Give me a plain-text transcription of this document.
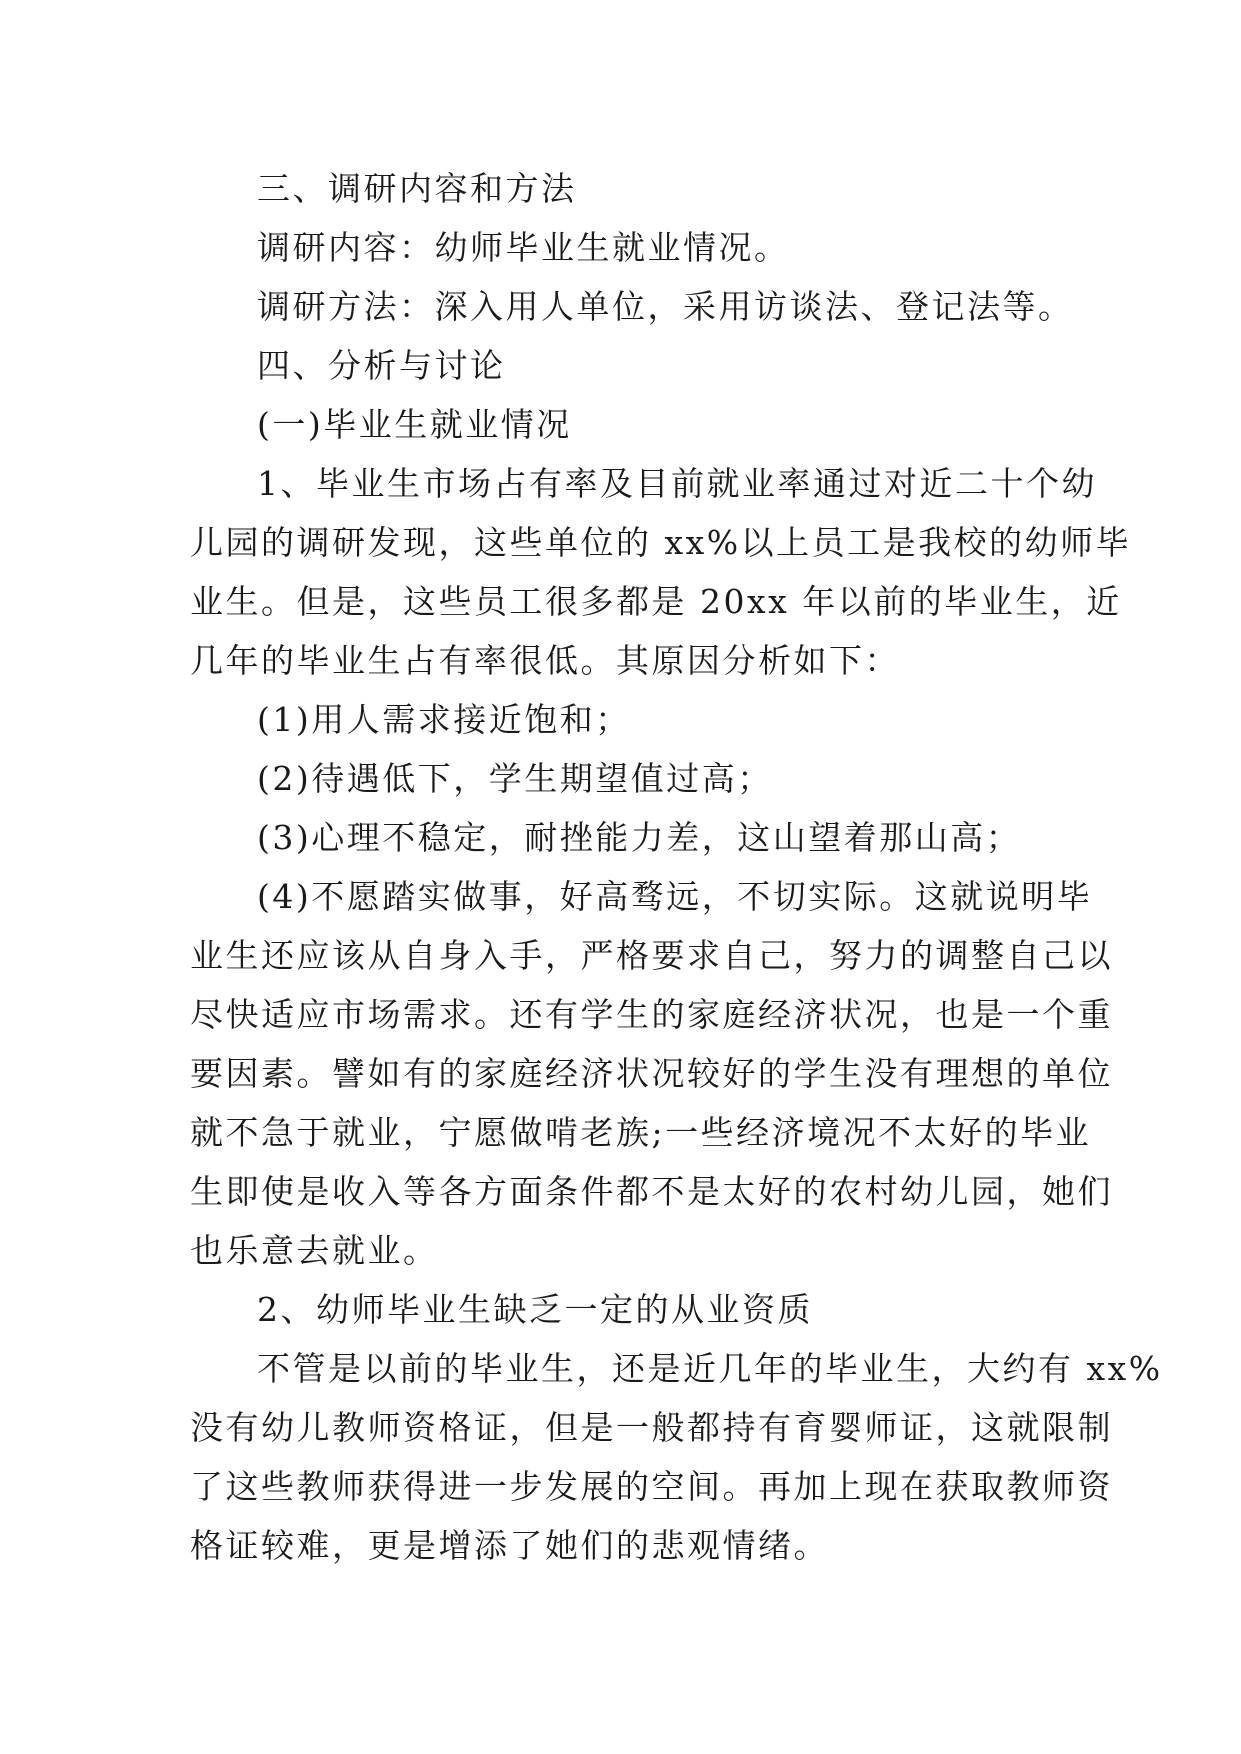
三、调研内容和方法
调研内容：幼师毕业生就业情况。
调研方法：深入用人单位，采用访谈法、登记法等。
四、分析与讨论
(一)毕业生就业情况
1、毕业生市场占有率及目前就业率通过对近二十个幼
儿园的调研发现，这些单位的 xx%以上员工是我校的幼师毕
业生。但是，这些员工很多都是 20xx 年以前的毕业生，近
几年的毕业生占有率很低。其原因分析如下：
(1)用人需求接近饱和；
(2)待遇低下，学生期望值过高；
(3)心理不稳定，耐挫能力差，这山望着那山高；
(4)不愿踏实做事，好高骛远，不切实际。这就说明毕
业生还应该从自身入手，严格要求自己，努力的调整自己以
尽快适应市场需求。还有学生的家庭经济状况，也是一个重
要因素。譬如有的家庭经济状况较好的学生没有理想的单位
就不急于就业，宁愿做啃老族;一些经济境况不太好的毕业
生即使是收入等各方面条件都不是太好的农村幼儿园，她们
也乐意去就业。
2、幼师毕业生缺乏一定的从业资质
不管是以前的毕业生，还是近几年的毕业生，大约有 xx%
没有幼儿教师资格证，但是一般都持有育婴师证，这就限制
了这些教师获得进一步发展的空间。再加上现在获取教师资
格证较难，更是增添了她们的悲观情绪。
